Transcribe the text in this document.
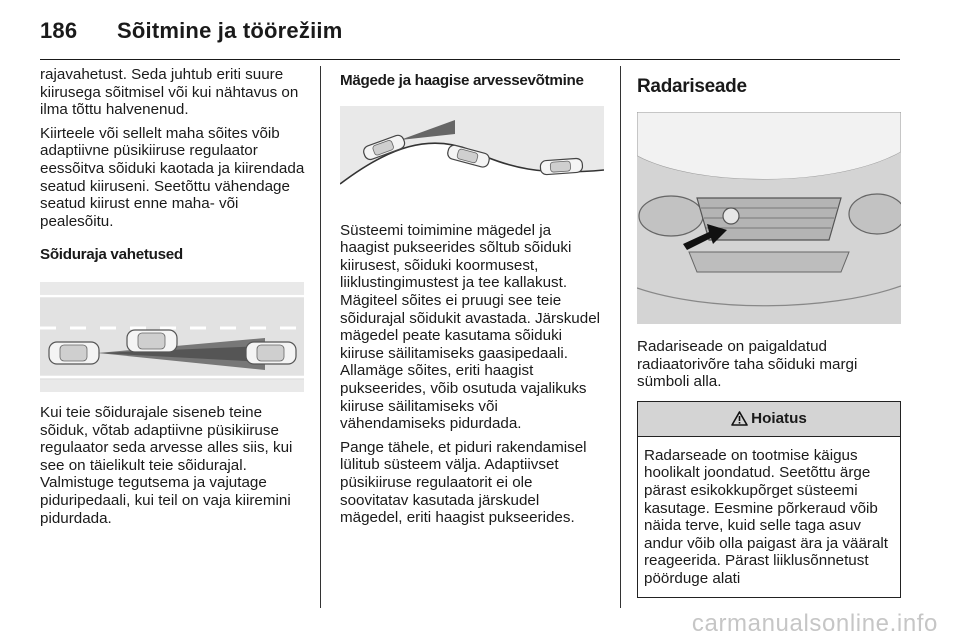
186	Sõitmine ja töörežiim

rajavahetust. Seda juhtub eriti suure kiirusega sõitmisel või kui nähtavus on ilma tõttu halvenenud.

Kiirteele või sellelt maha sõites võib adaptiivne püsikiiruse regulaator eessõitva sõiduki kaotada ja kiirendada seatud kiiruseni. Seetõttu vähendage seatud kiirust enne maha- või pealesõitu.

Sõiduraja vahetused

Kui teie sõidurajale siseneb teine sõiduk, võtab adaptiivne püsikiiruse regulaator seda arvesse alles siis, kui see on täielikult teie sõidurajal. Valmistuge tegutsema ja vajutage piduripedaali, kui teil on vaja kiiremini pidurdada.

Mägede ja haagise arvessevõtmine

Süsteemi toimimine mägedel ja haagist pukseerides sõltub sõiduki kiirusest, sõiduki koormusest, liiklustingimustest ja tee kallakust. Mägiteel sõites ei pruugi see teie sõidurajal sõidukit avastada. Järskudel mägedel peate kasutama sõiduki kiiruse säilitamiseks gaasipedaali. Allamäge sõites, eriti haagist pukseerides, võib osutuda vajalikuks kiiruse säilitamiseks või vähendamiseks pidurdada.

Pange tähele, et piduri rakendamisel lülitub süsteem välja. Adaptiivset püsikiiruse regulaatorit ei ole soovitatav kasutada järskudel mägedel, eriti haagist pukseerides.

Radariseade

Radariseade on paigaldatud radiaatorivõre taha sõiduki margi sümboli alla.

Hoiatus
Radarseade on tootmise käigus hoolikalt joondatud. Seetõttu ärge pärast esikokkupõrget süsteemi kasutage. Eesmine põrkeraud võib näida terve, kuid selle taga asuv andur võib olla paigast ära ja vääralt reageerida. Pärast liiklusõnnetust pöörduge alati
carmanualsonline.info
